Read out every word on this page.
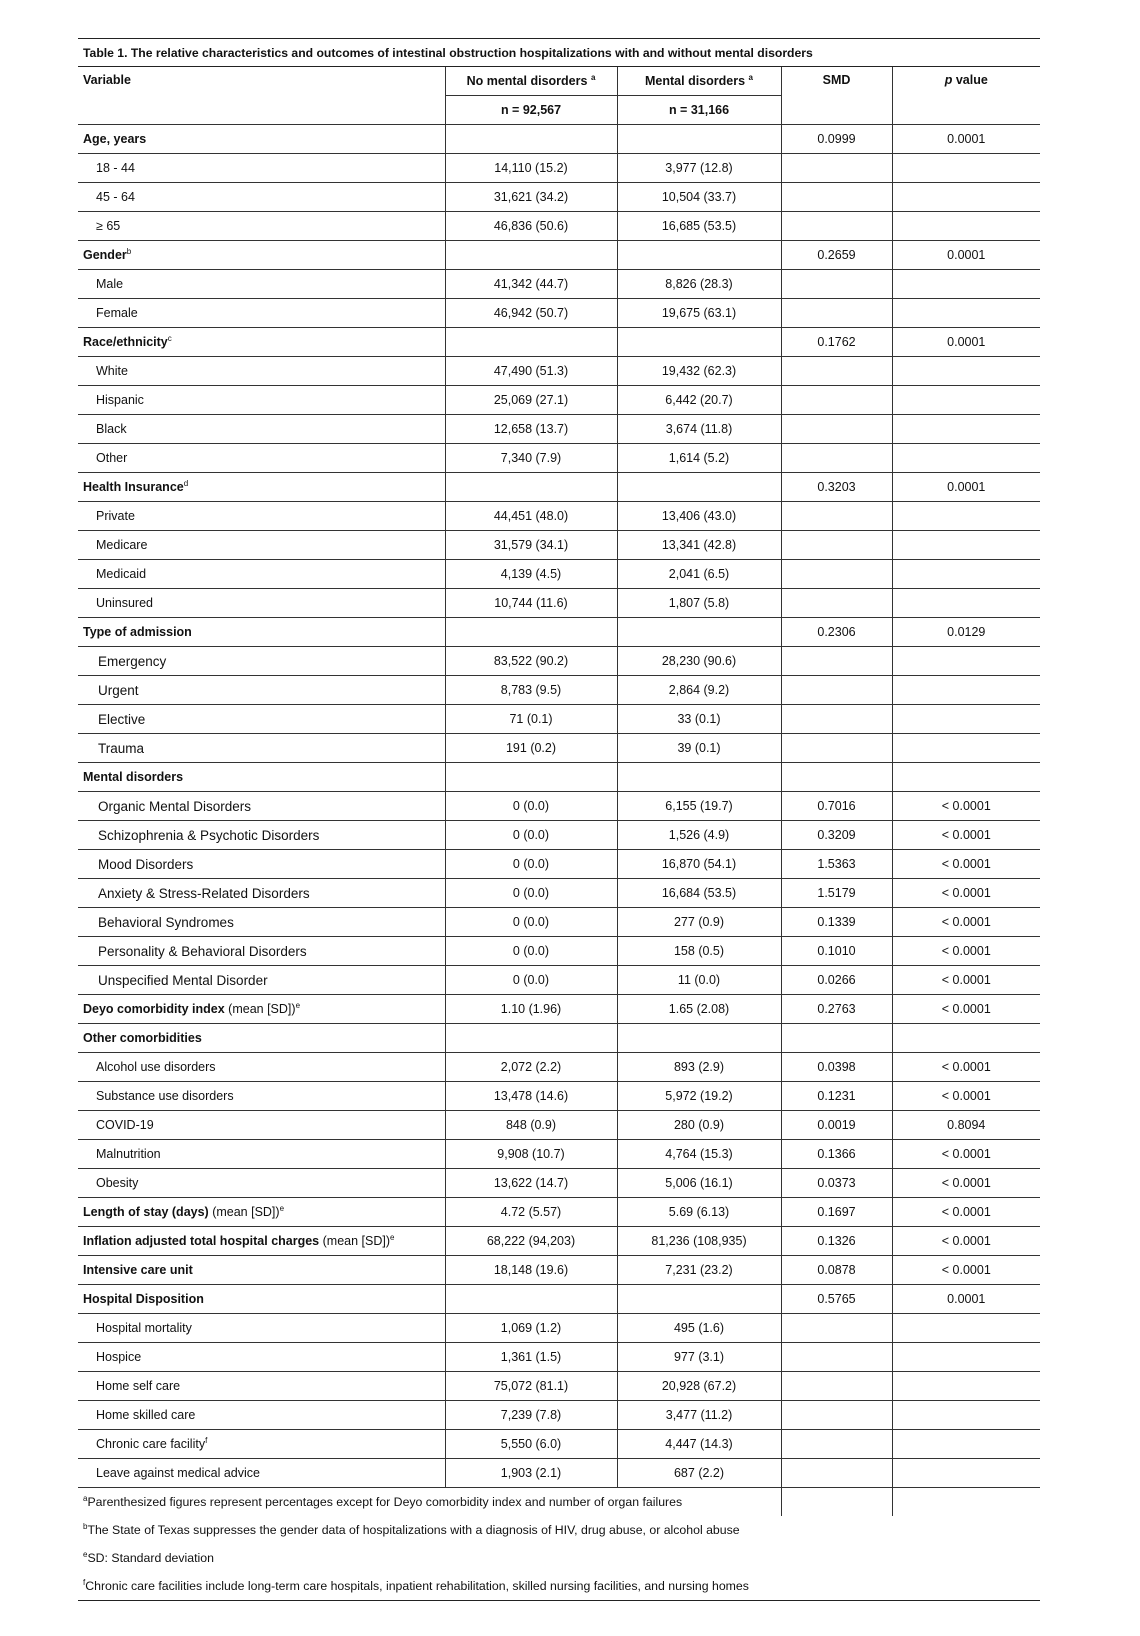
Table 1. The relative characteristics and outcomes of intestinal obstruction hospitalizations with and without mental disorders				
Variable	No mental disorders $^a$	Mental disorders $^a$	SMD	p value
	n = 92,567	n = 31,166		
Age, years			0.0999	0.0001
18 - 44	14,110 (15.2)	3,977 (12.8)		
45 - 64	31,621 (34.2)	10,504 (33.7)		
≥ 65	46,836 (50.6)	16,685 (53.5)		
Gender$^b$			0.2659	0.0001
Male	41,342 (44.7)	8,826 (28.3)		
Female	46,942 (50.7)	19,675 (63.1)		
Race/ethnicity$^c$			0.1762	0.0001
White	47,490 (51.3)	19,432 (62.3)		
Hispanic	25,069 (27.1)	6,442 (20.7)		
Black	12,658 (13.7)	3,674 (11.8)		
Other	7,340 (7.9)	1,614 (5.2)		
Health Insurance$^d$			0.3203	0.0001
Private	44,451 (48.0)	13,406 (43.0)		
Medicare	31,579 (34.1)	13,341 (42.8)		
Medicaid	4,139 (4.5)	2,041 (6.5)		
Uninsured	10,744 (11.6)	1,807 (5.8)		
Type of admission			0.2306	0.0129
Emergency	83,522 (90.2)	28,230 (90.6)		
Urgent	8,783 (9.5)	2,864 (9.2)		
Elective	71 (0.1)	33 (0.1)		
Trauma	191 (0.2)	39 (0.1)		
Mental disorders				
Organic Mental Disorders	0 (0.0)	6,155 (19.7)	0.7016	< 0.0001
Schizophrenia & Psychotic Disorders	0 (0.0)	1,526 (4.9)	0.3209	< 0.0001
Mood Disorders	0 (0.0)	16,870 (54.1)	1.5363	< 0.0001
Anxiety & Stress-Related Disorders	0 (0.0)	16,684 (53.5)	1.5179	< 0.0001
Behavioral Syndromes	0 (0.0)	277 (0.9)	0.1339	< 0.0001
Personality & Behavioral Disorders	0 (0.0)	158 (0.5)	0.1010	< 0.0001
Unspecified Mental Disorder	0 (0.0)	11 (0.0)	0.0266	< 0.0001
Deyo comorbidity index (mean [SD])$^e$	1.10 (1.96)	1.65 (2.08)	0.2763	< 0.0001
Other comorbidities				
Alcohol use disorders	2,072 (2.2)	893 (2.9)	0.0398	< 0.0001
Substance use disorders	13,478 (14.6)	5,972 (19.2)	0.1231	< 0.0001
COVID-19	848 (0.9)	280 (0.9)	0.0019	0.8094
Malnutrition	9,908 (10.7)	4,764 (15.3)	0.1366	< 0.0001
Obesity	13,622 (14.7)	5,006 (16.1)	0.0373	< 0.0001
Length of stay (days) (mean [SD])$^e$	4.72 (5.57)	5.69 (6.13)	0.1697	< 0.0001
Inflation adjusted total hospital charges (mean [SD])$^e$	68,222 (94,203)	81,236 (108,935)	0.1326	< 0.0001
Intensive care unit	18,148 (19.6)	7,231 (23.2)	0.0878	< 0.0001
Hospital Disposition			0.5765	0.0001
Hospital mortality	1,069 (1.2)	495 (1.6)		
Hospice	1,361 (1.5)	977 (3.1)		
Home self care	75,072 (81.1)	20,928 (67.2)		
Home skilled care	7,239 (7.8)	3,477 (11.2)		
Chronic care facility$^f$	5,550 (6.0)	4,447 (14.3)		
Leave against medical advice	1,903 (2.1)	687 (2.2)		
$^a$Parenthesized figures represent percentages except for Deyo comorbidity index and number of organ failures		
$^b$The State of Texas suppresses the gender data of hospitalizations with a diagnosis of HIV, drug abuse, or alcohol abuse
$^e$SD: Standard deviation
$^f$Chronic care facilities include long-term care hospitals, inpatient rehabilitation, skilled nursing facilities, and nursing homes
